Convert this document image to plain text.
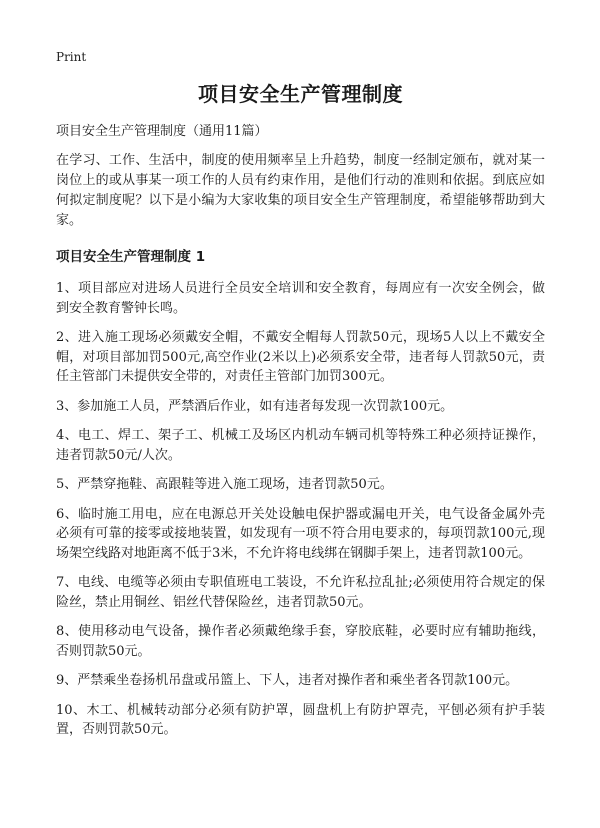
Print
项目安全生产管理制度

项目安全生产管理制度（通用11篇）

在学习、工作、生活中，制度的使用频率呈上升趋势，制度一经制定颁布，就对某一岗位上的或从事某一项工作的人员有约束作用，是他们行动的准则和依据。到底应如何拟定制度呢？以下是小编为大家收集的项目安全生产管理制度，希望能够帮助到大家。

项目安全生产管理制度 1
1、项目部应对进场人员进行全员安全培训和安全教育，每周应有一次安全例会，做到安全教育警钟长鸣。
2、进入施工现场必须戴安全帽，不戴安全帽每人罚款50元，现场5人以上不戴安全帽，对项目部加罚500元,高空作业(2米以上)必须系安全带，违者每人罚款50元，责任主管部门未提供安全带的，对责任主管部门加罚300元。
3、参加施工人员，严禁酒后作业，如有违者每发现一次罚款100元。
4、电工、焊工、架子工、机械工及场区内机动车辆司机等特殊工种必须持证操作，违者罚款50元/人次。
5、严禁穿拖鞋、高跟鞋等进入施工现场，违者罚款50元。
6、临时施工用电，应在电源总开关处设触电保护器或漏电开关，电气设备金属外壳必须有可靠的接零或接地装置，如发现有一项不符合用电要求的，每项罚款100元,现场架空线路对地距离不低于3米，不允许将电线绑在钢脚手架上，违者罚款100元。
7、电线、电缆等必须由专职值班电工装设，不允许私拉乱扯;必须使用符合规定的保险丝，禁止用铜丝、铝丝代替保险丝，违者罚款50元。
8、使用移动电气设备，操作者必须戴绝缘手套，穿胶底鞋，必要时应有辅助拖线，否则罚款50元。
9、严禁乘坐卷扬机吊盘或吊篮上、下人，违者对操作者和乘坐者各罚款100元。
10、木工、机械转动部分必须有防护罩，圆盘机上有防护罩壳，平刨必须有护手装置，否则罚款50元。
